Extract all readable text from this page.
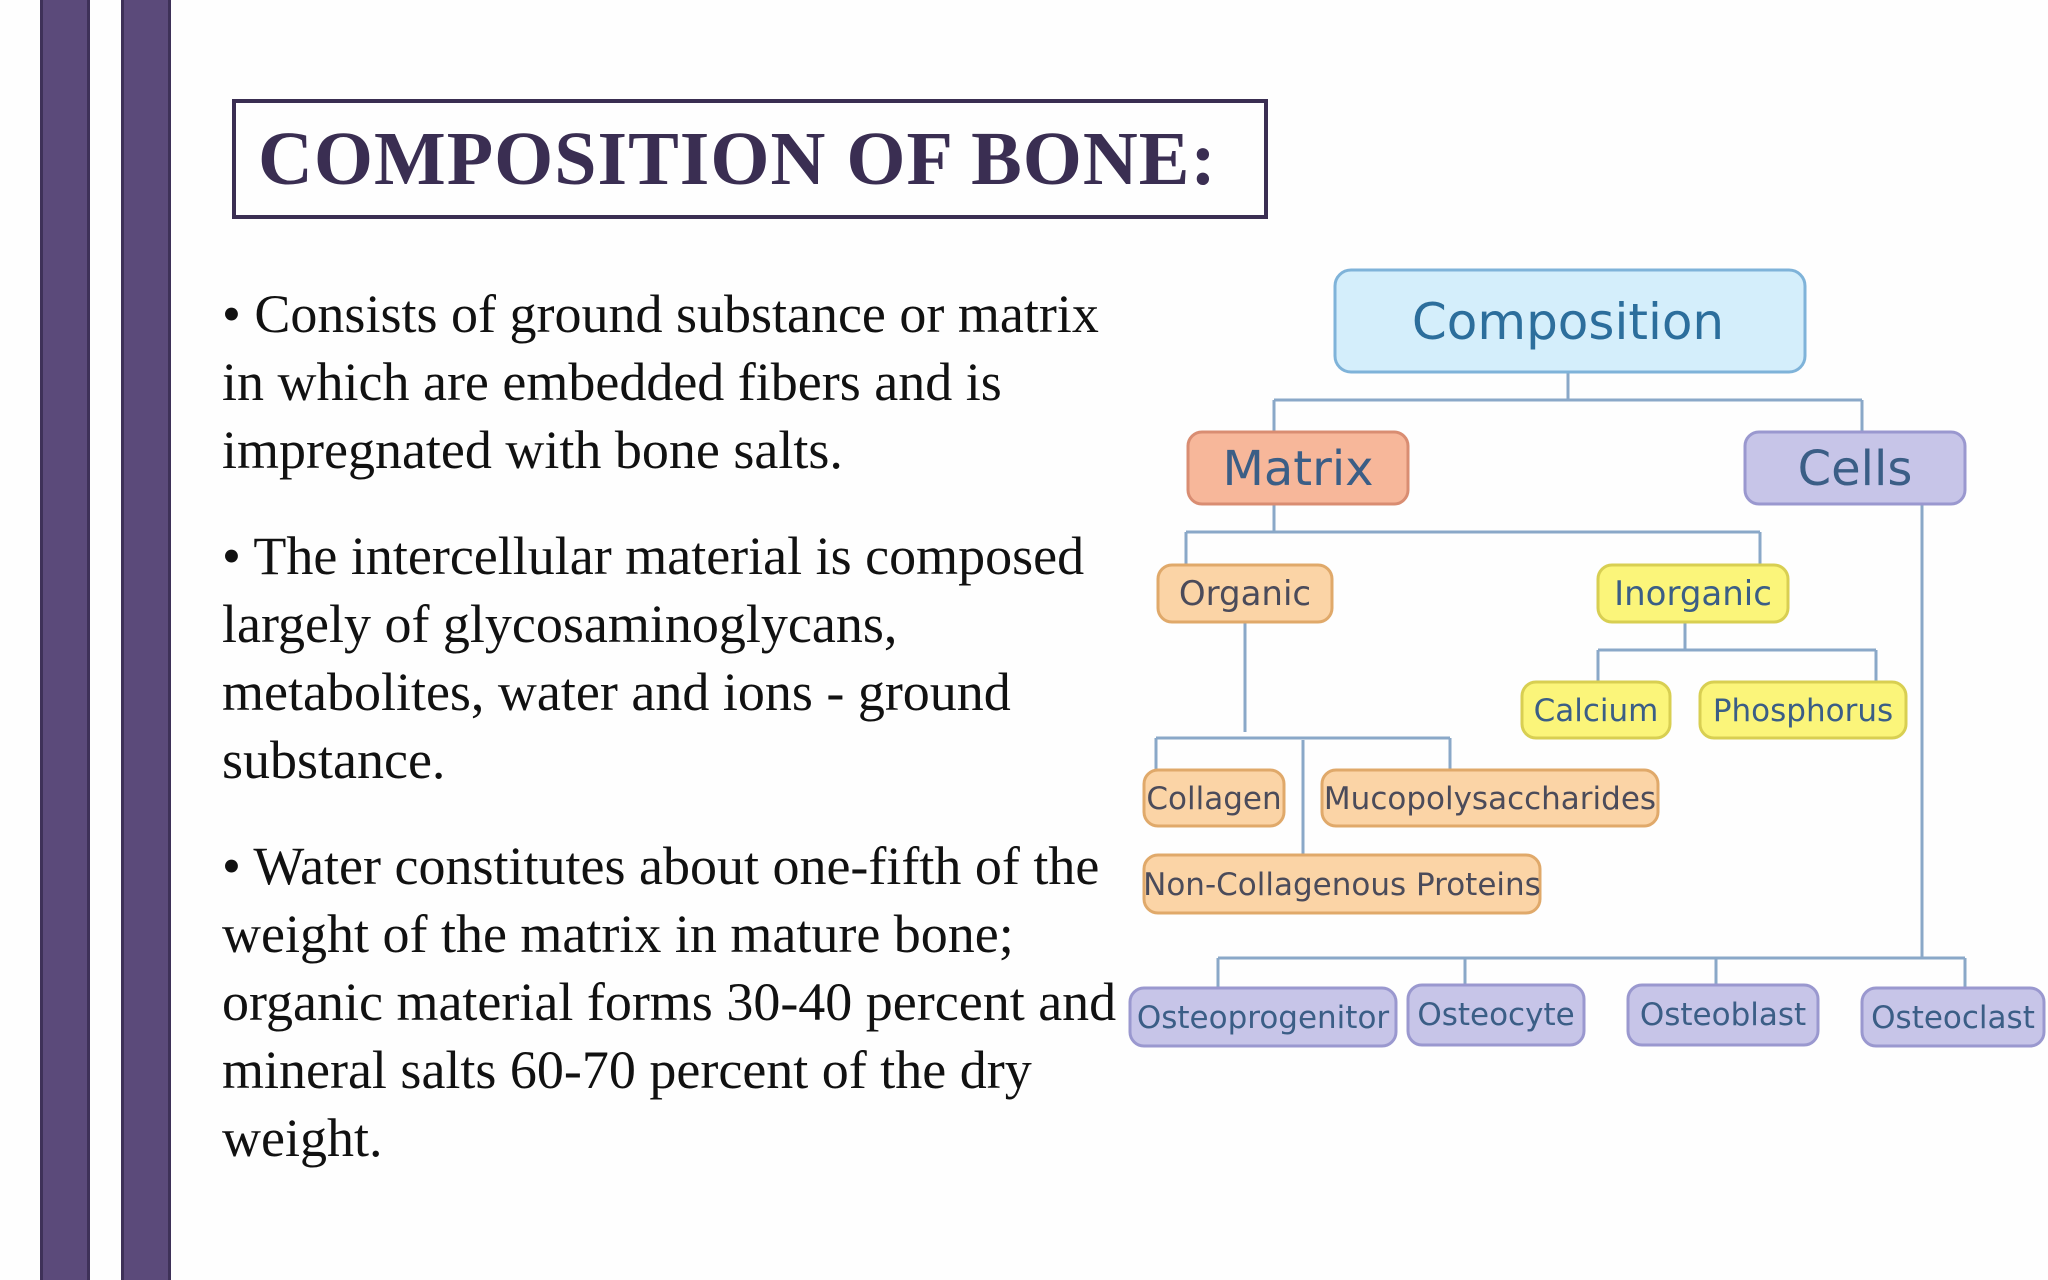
COMPOSITION OF BONE:

• Consists of ground substance or matrix in which are embedded fibers and is impregnated with bone salts.

• The intercellular material is composed largely of glycosaminoglycans, metabolites, water and ions - ground substance.

• Water constitutes about one-fifth of the weight of the matrix in mature bone; organic material forms 30-40 percent and mineral salts 60-70 percent of the dry weight.

Composition
Matrix	Cells
Organic	Inorganic
Calcium Phosphorus
Collagen Mucopolysaccharides
Non-Collagenous Proteins
Osteoprogenitor Osteocyte Osteoblast Osteoclast
